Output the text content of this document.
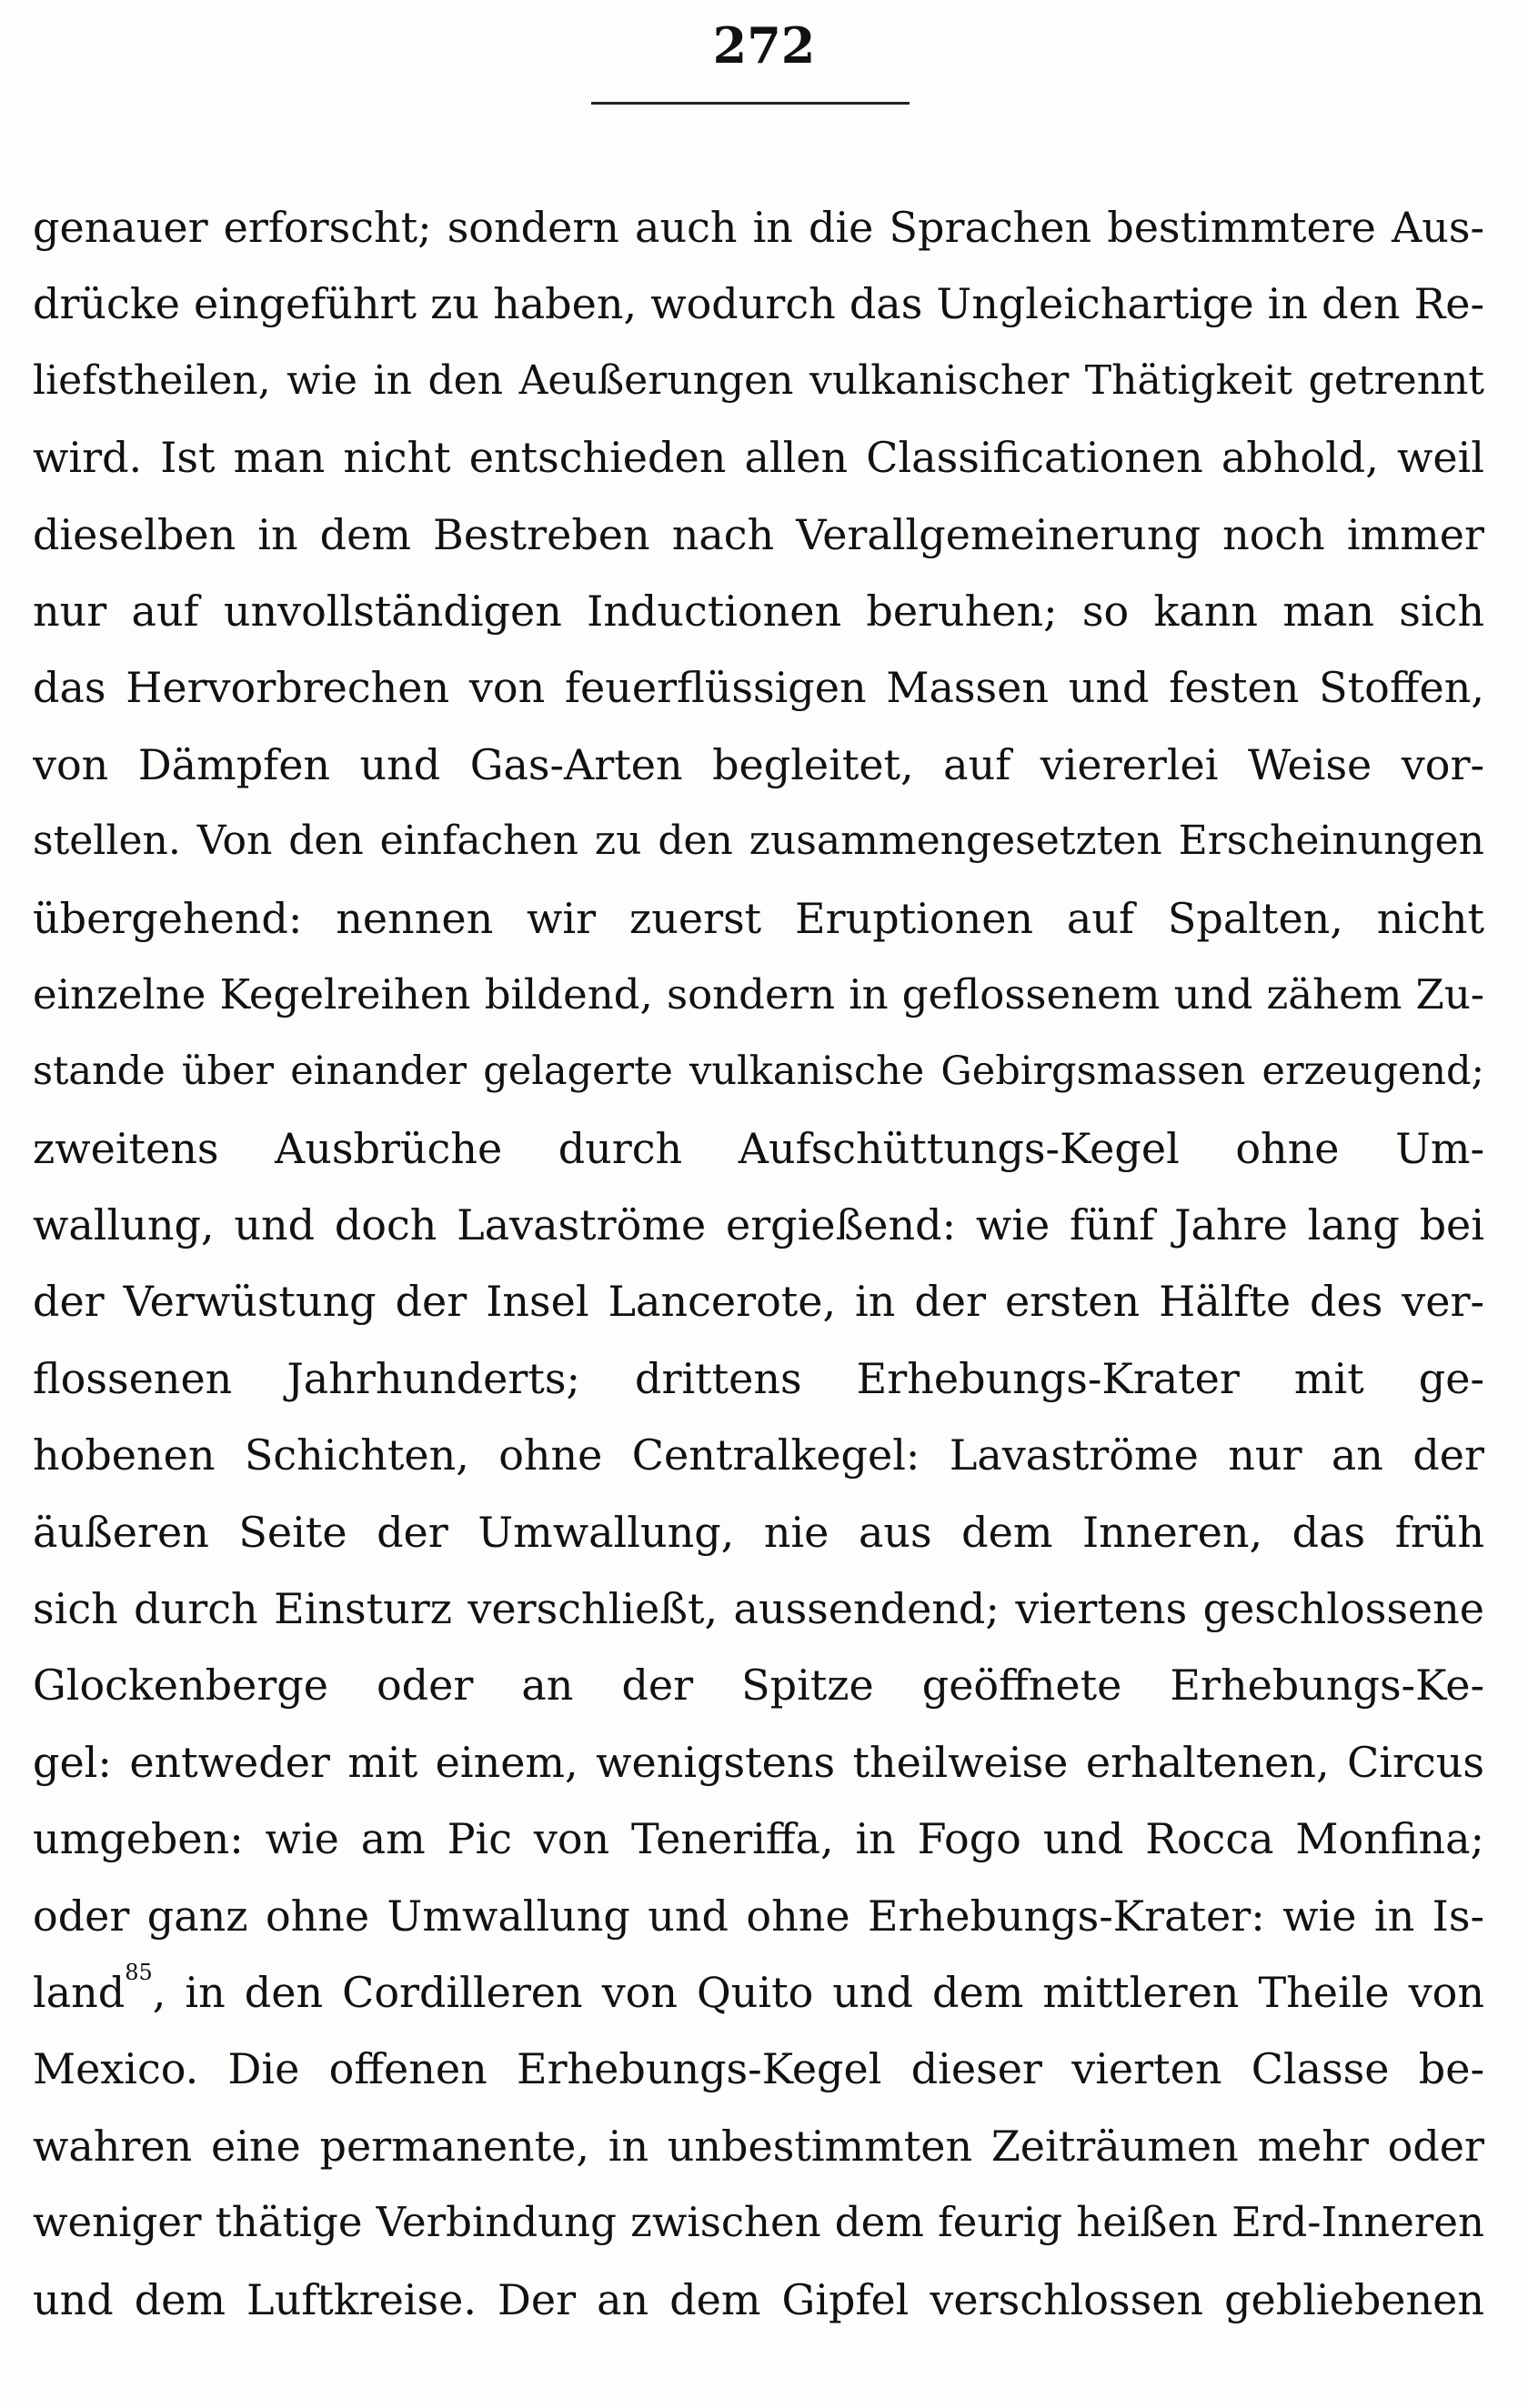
272
genauer erforscht; sondern auch in die Sprachen bestimmtere Aus-
drücke eingeführt zu haben, wodurch das Ungleichartige in den Re-
liefstheilen, wie in den Aeußerungen vulkanischer Thätigkeit getrennt
wird. Ist man nicht entschieden allen Classificationen abhold, weil
dieselben in dem Bestreben nach Verallgemeinerung noch immer
nur auf unvollständigen Inductionen beruhen; so kann man sich
das Hervorbrechen von feuerflüssigen Massen und festen Stoffen,
von Dämpfen und Gas-Arten begleitet, auf viererlei Weise vor-
stellen. Von den einfachen zu den zusammengesetzten Erscheinungen
übergehend: nennen wir zuerst Eruptionen auf Spalten, nicht
einzelne Kegelreihen bildend, sondern in geflossenem und zähem Zu-
stande über einander gelagerte vulkanische Gebirgsmassen erzeugend;
zweitens Ausbrüche durch Aufschüttungs-Kegel ohne Um-
wallung, und doch Lavaströme ergießend: wie fünf Jahre lang bei
der Verwüstung der Insel Lancerote, in der ersten Hälfte des ver-
flossenen Jahrhunderts; drittens Erhebungs-Krater mit ge-
hobenen Schichten, ohne Centralkegel: Lavaströme nur an der
äußeren Seite der Umwallung, nie aus dem Inneren, das früh
sich durch Einsturz verschließt, aussendend; viertens geschlossene
Glockenberge oder an der Spitze geöffnete Erhebungs-Ke-
gel: entweder mit einem, wenigstens theilweise erhaltenen, Circus
umgeben: wie am Pic von Teneriffa, in Fogo und Rocca Monfina;
oder ganz ohne Umwallung und ohne Erhebungs-Krater: wie in Is-
land$^{85}$, in den Cordilleren von Quito und dem mittleren Theile von
Mexico. Die offenen Erhebungs-Kegel dieser vierten Classe be-
wahren eine permanente, in unbestimmten Zeiträumen mehr oder
weniger thätige Verbindung zwischen dem feurig heißen Erd-Inneren
und dem Luftkreise. Der an dem Gipfel verschlossen gebliebenen
